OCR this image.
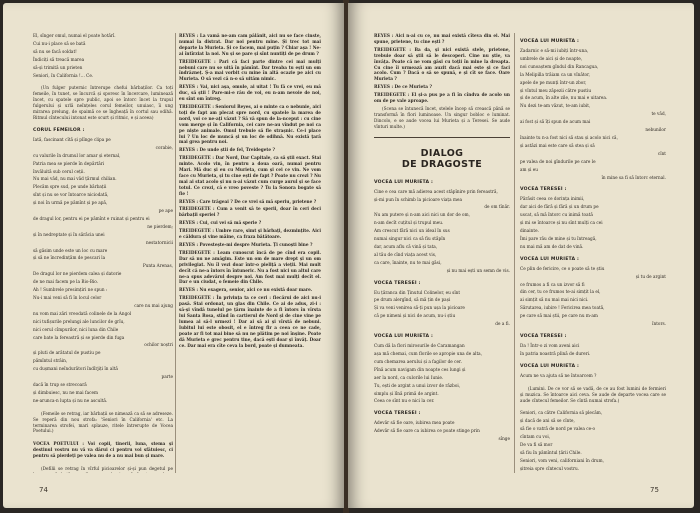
El, sînger omul, numai el poate hotărî.

Cui nu-i place să se bată

să nu se facă soldat!

Îndiciți să treacă marea

să-și trimită un prieten

Seniori, în California !... Ce.

(Un fulger puternic întrerupe chefui bărbaților. Ca toți femeile, în tunet, se încurcă și sporesc în încercare, luminează încet, cu spatele spre public, apoi se întorc încet la trupul fulgerului și urlă neînțeles corul femeilor, unuiasc, îi ung mirarea prelung, de spaimă ce se îngheață în cortul sau odihă. Ritmul cîntecului intonat este scurt și ritmic, e și aceea)

CORUL FEMEILOR :

Iată, fascinant cîtă și plînge clipa pe

corabie,

cu valurile în drumul lor amar și eternal,

Patria mea se pierde în depărtări

învăluită sub cerul ceții.

Nu mai văd, nu mai văd țărmul chilian.

Plecăm spre sud, pe unde bărbații

sînt și nu se vor întoarce niciodată,

și noi în urmă pe pămînt și pe apă,

pe ape

de dragul lor, pentru ei pe pămînt e ruinat și pentru ei

ne pierdem;

și în nedreptate și în sărăcia unei

nestatornicii

să găsim unde este un loc cu mare

și să ne încredințăm de pescari la

Punta Arenas,

De dragul lor ne pierdem calea și datorie

de ne mai facem pe la Bio-Bio.

Ah ! Sumbrele presimțiri ne spun :

Nu-i mai veni să fi în locul celor

care nu mai ajung

nu vom mai zări vreodată colinele de la Angol

nici tufișurile prelungi ale luncilor de grîu,

nici cerul cîmpurilor, nici luna din Chile

care bate la fereastră și se pierde din fuga

ochilor noștri

și pluti de arătatul de pustiu pe

pămîntul străin,

cu dușmani neîndurători îndîrjiți în altă

parte

dacă în trup se strecoară

și dimbuiesc, nu ne mai facem

ne-arunca-n lupta și nu ne ascultă.

(Femeile se retrag, iar bărbații se nimează ca să se adreseze. Se reperă din nou strofa: 'Seniori în California' etc. La terminarea strofei, mari splauze, ritele întrerupte de Vocea Poetului.)

VOCEA POETULUI : Voi copii, tinerii, luna, stema și destinul vostru nu vă va dărui ci pentru voi sfătuiesc, ci pentru să pierdeți pe valea nu de a nu mai bun și mare.

(Defilii se retrag în vîrful picioarelor și-și pun degetul pe

REYES : La vamă ne-am cam pălănit, aici nu se face cinste, numai la distrat. Dar noi pentru mine. Și trec tot mai departe la Murieta. Și ce facem, mai puțin ? Chiar așa ! Ne-ai întîrziat la noi. Nu și se pare și sînt nuntiți de pe drum ?

TREIDEGETE : Pari că faci parte dintre cei mai mulți nebuni care nu se uită în pămînt. Dar treaba tu ești un om îndrăzneț. Ș-a mai vorbit cu mine în altă ocazie pe aici cu Murieta. O să vezi că n-o să uităm nimic.

REYES : Vai, nici așa, omule, ai uitat ! Tu fă ce vrei, eu mă duc, să știi ! Pare-mi-e rău de voi, eu n-am nevoie de noi, eu sînt om întreg.

TREIDEGETE : Seniorul Reyes, ai o minte ca o nebunie, aici toți de fapt am plecat spre nord, cu spatele la marea de nord, voi ce ne-ați văzut ? Să vă spun de la-nceput : cu cine vom merge și în California, cei care ne-au vîndut pe noi ca pe niște animale. Omul trebuie să fie strașnic. Ce-i place lui ? Un loc de muncă și un loc de odihnă. Nu există țară mai grea pentru noi.

REYES : De unde știi de fel, Treidegete ?

TREIDEGETE : Dar Nord, Dar Capitale, ca să știi exact. Stai minte. Acolo vin, în pentru a doua oară, numai pentru Mari. Mă duc și eu cu Murieta, cum și cei ce vin. Ne vom face cu Murieta, și tu cine ești de fapt ? Poate nu crezi ? Nu mai ai stat acolo și nu n-ai văzut cum curge aurul și se face totul. Ce crezi, că e vreo poveste ? Tu la Sonora bogate să fie !

REYES : Care trăgeai ? De ce vrei să mă speriu, prietene ?

TREIDEGETE : Cum a venit să te sperii, doar în ceri deci bărbații speriei ?

REYES : Cui, cui vei să mă sperie ?

TREIDEGETE : Umbre rare, simt și bărbați, dezmințite. Aici e căldura și vine mâine, ca fraza bătătoare.

REYES : Povestește-mi despre Murieta. Ți cunoști bine ?

TREIDEGETE : Leam cunoscut încă de pe cînd era copil. Dar să nu ne amăgim. Este un om de mare drept și un om privilegiat. Nu îl vezi doar într-o pieliță a vieții. Mai mult decît că ne-a întors în întuneric. Nu a fost nici un altul care ne-a spus adevărul despre noi. Am fost mai mulți decît el. Dar e un ciudat, o femeie din Chile.

REYES : Nu exagera, senior, aici ce nu există doar mare.

TREIDEGETE : În privința ta ce ceri : fiecărui de aici nu-i pasă. Stai ordonat, un glas din Chile. Ce ai de adus, zi-i : să-și vîndă tunelul pe țărm înainte de a fi întors în vîrsta lui Santa Rosa, stînd în cartierul de Nord și de cine vine pe lumea ai să-l urmezi ! Dar ai să ai și vîrstă de nebuni. Iubitul lui este obosit, el e întreg fir a ceea ce ne cade, poate ar fi tot mai bine să nu ne plătim pe noi înșine. Poate dă Murieta e grec pentru tine, dacă ești doar și învăț. Doar ce. Dar mai era cîte ceva la bord, poate și dumneata.

74

REYES : Aici n-ai cu ce, nu mai există cîteva din ei. Mai spune, prietene, tu cine ești ?

TREIDEGETE : Ba da, și nici există stele, prietene, trebuie doar să știi să le descoperi. Cine nu știe, va învăța. Poate că ne vom găsi cu toții în mine la dreapta. Cu cine îi urmează am auzit dacă mai este și ce faci acolo. Cum ? Dacă o să se spună, e și cît se face. Oare Murieta ?

REYES : De ce Murieta ?

TREIDEGETE : El și-a pus pe a fi în cîndva de acolo un om de pe vale aproape.

(Scena se întunecă încet, stelele încep să crească până se transformă în flori luminoase. Un singur bobloc e luminat. Dincolo, e se aude vocea lui Murieta și a Teresei. Se aude vînturi multe.)

DIALOG
DE DRAGOSTE
VOCEA LUI MURIETA :

Cine e cea care mă adierea acest stăpînire prin fereastră,

și-mi pun în schimb la picioare viața mea

de om tînăr.

Nu am putere și n-am aici nici un dor de om,

n-am decît cuțitul și trupul meu.

Am crescut fără nici un ideal în sus

numai singur nici ca să fiu stăpîn

dar, acum aflu că vină și tata,

al tău de cînd viața acest vis,

ca care, înainte, nu te mai găsi,

și nu mai ești un semn de vis.

VOCEA TERESEI :

Eu țăranca din Ținutul Colinelor, eu sînt

pe drum alergînd, să mă țin de pași

Și va veni venirea să-ți pun ușa la picioare

că pe nimeni și nici de acum, nu-i știu

de a fi.

VOCEA LUI MURIETA :

Cum dă la flori mirosurile de Caramangan

așa mă chemai, cum florile se apropie una de alta,

cum chemarea aerului și a fagilor de cer.

Pînă acum navigam din noapte ces lungi și

aer la nord, ca culorile lui Iunie.

Tu, ești de argint a unui izvor de război,

simplu și lînă primă de argint.

Ceea ce sînt nu e nici la cer.

VOCEA TERESEI :

Adevăr să fie oare, iubirea mea poate

Adevăr să fie oare ca iubirea ce poate stinge prin

sînge

VOCEA LUI MURIETA :

Zadarnic e să-mi iubiți într-una,

umbrele de aici și de noapte,

noi cunoaștem gîndul din Rancagua,

la Melipilla trăiam ca un vînător,

apele de pe munți într-un zbor,

și vîntul meu zăpezii către pustiu

și de acum, în alte zile, nu mai e uitarea.

Nu dezi te-am văzut, te-am iubit,

te văd,

ai fost și să îți spun de acum mai

nebunilor

înainte tu n-a fost nici să stau și acolo nici că,

și astăzi mai este care să stea și să

cînt

pe valea de noi gîndurile pe care le

am și eu

în mine sa fi să întorc eternal.

VOCEA TERESEI :

Părăsit ceea ce dorința inimii,

dar aici de fără și fără și un drum pe

uscat, să mă întorc cu inimă toată

și mi se întoarce și nu sînt mulți ca cei

dinainte.

Îmi pare rău de mine și tu întreagă,

nu mai mă am de dat de vină.

VOCEA LUI MURIETA :

Ce plin de fericire, ce o poate să te știu

și tu de argint

ce frumos a fi ca un izvor să fi

din cer, tu ce frumos te-ai simțit la el,

ai simțit să nu mai mai nici nici.

Sărutarea, iubire ! Fericirea mea toată,

pe care să mai știi, pe care nu m-am

întors.

VOCEA TERESEI :

Da ! Într-o zi vom aveni aici

în patria noastră plină de dureri.

VOCEA LUI MURIETA :

Acum ne va ajuta să ne întoarcem ?

(Lumini. De ce vor să se vadă, de ce au fost lumini de fermieri și muzica. Se întoarce aici ceva. Se aude de departe vocea care se aude cîntecul femeilor. Se cîntă numai strofa.)

Seniori, ca către California să plecăm,

și dacă de ani să se cînte,

să fie o vatră de nord pe valea ce-o

cîntam cu voi,

De va fi să mor

să fiu în pămîntul țării Chile.

Seniori, vom veni, californiani în drum,

șitreia spre cîntecul vostru.

75
